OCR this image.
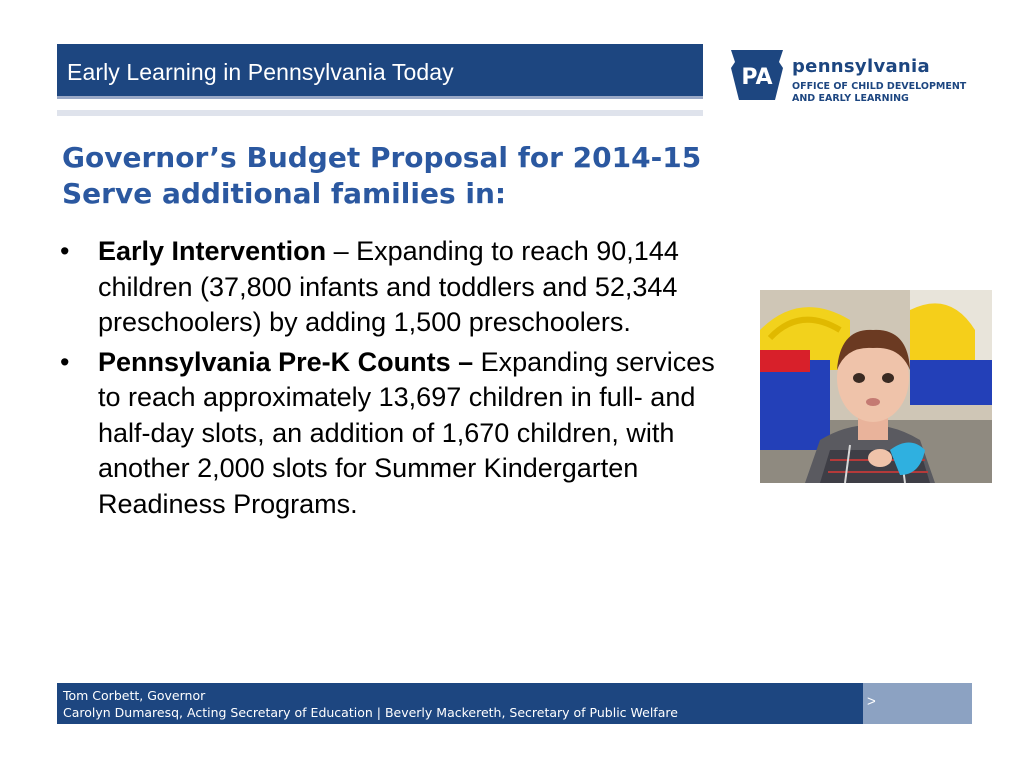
Early Learning in Pennsylvania Today	PA pennsylvania
OFFICE OF CHILD DEVELOPMENT
AND EARLY LEARNING
Governor’s Budget Proposal for 2014-15
Serve additional families in:
• Early Intervention – Expanding to reach 90,144 children (37,800 infants and toddlers and 52,344 preschoolers) by adding 1,500 preschoolers.
• Pennsylvania Pre-K Counts – Expanding services to reach approximately 13,697 children in full- and half-day slots, an addition of 1,670 children, with another 2,000 slots for Summer Kindergarten Readiness Programs.
Tom Corbett, Governor
Carolyn Dumaresq, Acting Secretary of Education | Beverly Mackereth, Secretary of Public Welfare
>
